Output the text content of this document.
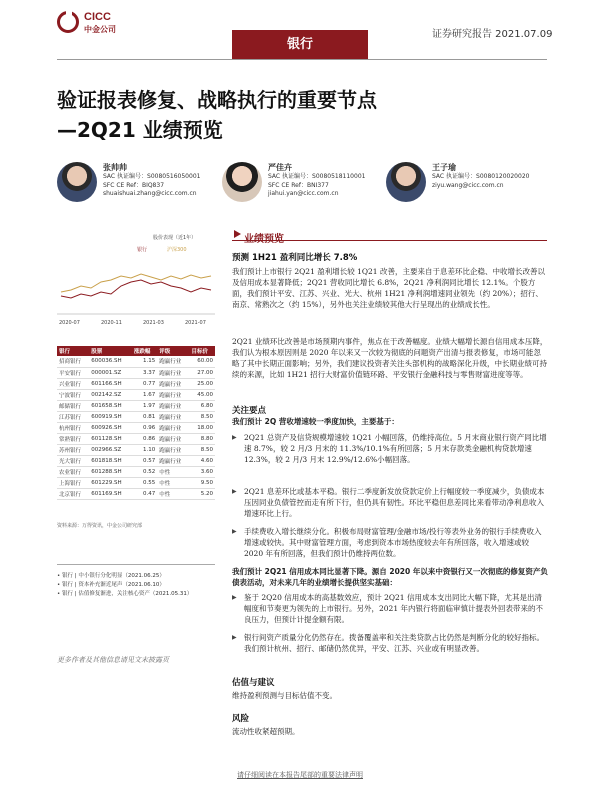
CICC
中金公司
银行
证券研究报告 2021.07.09
验证报表修复、战略执行的重要节点
—2Q21 业绩预览
张帅帅
SAC 执证编号：S0080516050001
SFC CE Ref：BIQ837
shuaishuai.zhang@cicc.com.cn
严佳卉
SAC 执证编号：S0080518110001
SFC CE Ref：BNI377
jiahui.yan@cicc.com.cn
王子瑜
SAC 执证编号：S0080120020020
ziyu.wang@cicc.com.cn
股价表现（近1年）
银行	沪深300
2020-07	2020-11	2021-03	2021-07
银行	股票	涨跌幅	评级	目标价
招商银行	600036.SH	1.15	跑赢行业	60.00
平安银行	000001.SZ	3.37	跑赢行业	27.00
兴业银行	601166.SH	0.77	跑赢行业	25.00
宁波银行	002142.SZ	1.67	跑赢行业	45.00
邮储银行	601658.SH	1.97	跑赢行业	6.80
江苏银行	600919.SH	0.81	跑赢行业	8.50
杭州银行	600926.SH	0.96	跑赢行业	18.00
常熟银行	601128.SH	0.86	跑赢行业	8.80
苏州银行	002966.SZ	1.10	跑赢行业	8.50
光大银行	601818.SH	0.57	跑赢行业	4.60
农业银行	601288.SH	0.52	中性	3.60
上海银行	601229.SH	0.55	中性	9.50
北京银行	601169.SH	0.47	中性	5.20
资料来源：万得资讯，中金公司研究部
• 银行 | 中小银行分化明显（2021.06.25）
• 银行 | 资本补充渐近尾声（2021.06.10）
• 银行 | 估值修复渐进，关注核心资产（2021.05.31）
更多作者及其他信息请见文末披露页
业绩预览
预测 1H21 盈利同比增长 7.8%
我们预计上市银行 2Q21 盈利增长较 1Q21 改善，主要来自于息差环比企稳、中收增长改善以及信用成本显著降低；2Q21 营收同比增长 6.8%，2Q21 净利润同比增长 12.1%。个股方面，我们预计平安、江苏、兴业、光大、杭州 1H21 净利润增速同业领先（约 20%）；招行、南京、常熟次之（约 15%），另外也关注业绩较其他大行呈现出的业绩成长性。
2Q21 业绩环比改善是市场预期内事件，焦点在于改善幅度。业绩大幅增长源自信用成本压降，我们认为根本原因则是 2020 年以来又一次较为彻底的问题资产出清与报表修复，市场可能忽略了其中长期正面影响；另外，我们建议投资者关注头部机构的战略深化升级，中长期业绩可持续的来源，比如 1H21 招行大财富价值链环路、平安银行金融科技与零售财富进度等等。
关注要点
我们预计 2Q 营收增速较一季度加快，主要基于：
▶ 2Q21 总资产及信贷规模增速较 1Q21 小幅回落，仍维持高位。5 月末商业银行资产同比增速 8.7%，较 2 月/3 月末的 11.3%/10.1%有所回落；5 月末存款类金融机构贷款增速 12.3%，较 2 月/3 月末 12.9%/12.6%小幅回落。
▶ 2Q21 息差环比或基本平稳。银行二季度新发放贷款定价上行幅度较一季度减少，负债成本压因同业负债管控而走有所下行，但仍具有韧性。环比平稳但息差同比来看带动净利息收入增速环比上行。
▶ 手续费收入增长继续分化。积极布局财富管理/金融市场/投行等表外业务的银行手续费收入增速或较快。其中财富管理方面，考虑到资本市场热度较去年有所回落，收入增速或较 2020 年有所回落，但我们预计仍维持两位数。
我们预计 2Q21 信用成本同比显著下降。源自 2020 年以来中资银行又一次彻底的修复资产负债表活动，对未来几年的业绩增长提供坚实基础：
▶ 鉴于 2Q20 信用成本的高基数效应，预计 2Q21 信用成本支出同比大幅下降，尤其是出清幅度和节奏更为领先的上市银行。另外，2021 年内银行将面临审慎计提表外回表带来的不良压力，但预计计提金额有限。
▶ 银行间资产质量分化仍然存在。拨备覆盖率和关注类贷款占比仍然是判断分化的较好指标。我们预计杭州、招行、邮储仍然优异，平安、江苏、兴业或有明显改善。
估值与建议
维持盈利预测与目标估值不变。
风险
流动性收紧超预期。
请仔细阅读在本报告尾部的重要法律声明
